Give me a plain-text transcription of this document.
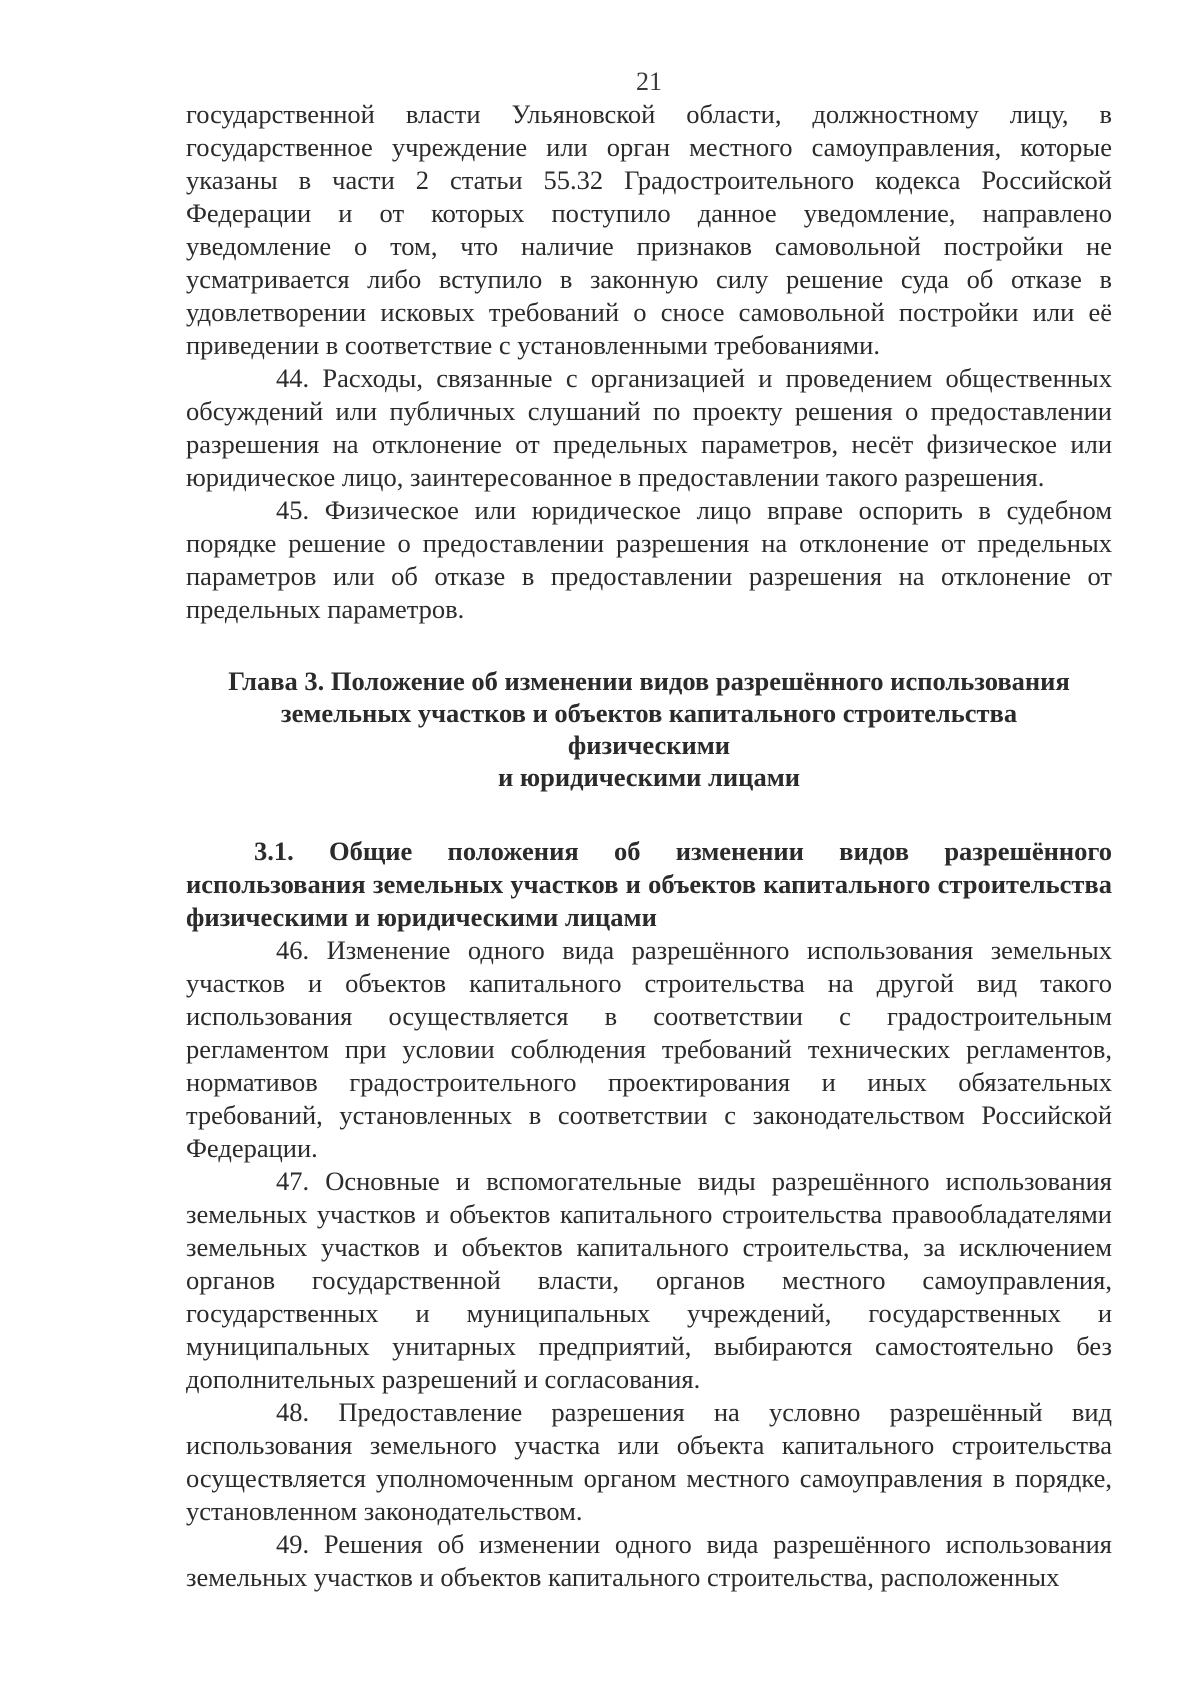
21

государственной власти Ульяновской области, должностному лицу, в государственное учреждение или орган местного самоуправления, которые указаны в части 2 статьи 55.32 Градостроительного кодекса Российской Федерации и от которых поступило данное уведомление, направлено уведомление о том, что наличие признаков самовольной постройки не усматривается либо вступило в законную силу решение суда об отказе в удовлетворении исковых требований о сносе самовольной постройки или её приведении в соответствие с установленными требованиями.

44. Расходы, связанные с организацией и проведением общественных обсуждений или публичных слушаний по проекту решения о предоставлении разрешения на отклонение от предельных параметров, несёт физическое или юридическое лицо, заинтересованное в предоставлении такого разрешения.

45. Физическое или юридическое лицо вправе оспорить в судебном порядке решение о предоставлении разрешения на отклонение от предельных параметров или об отказе в предоставлении разрешения на отклонение от предельных параметров.

Глава 3. Положение об изменении видов разрешённого использования
земельных участков и объектов капитального строительства
физическими
и юридическими лицами
3.1. Общие положения об изменении видов разрешённого использования земельных участков и объектов капитального строительства физическими и юридическими лицами

46. Изменение одного вида разрешённого использования земельных участков и объектов капитального строительства на другой вид такого использования осуществляется в соответствии с градостроительным регламентом при условии соблюдения требований технических регламентов, нормативов градостроительного проектирования и иных обязательных требований, установленных в соответствии с законодательством Российской Федерации.

47. Основные и вспомогательные виды разрешённого использования земельных участков и объектов капитального строительства правообладателями земельных участков и объектов капитального строительства, за исключением органов государственной власти, органов местного самоуправления, государственных и муниципальных учреждений, государственных и муниципальных унитарных предприятий, выбираются самостоятельно без дополнительных разрешений и согласования.

48. Предоставление разрешения на условно разрешённый вид использования земельного участка или объекта капитального строительства осуществляется уполномоченным органом местного самоуправления в порядке, установленном законодательством.

49. Решения об изменении одного вида разрешённого использования земельных участков и объектов капитального строительства, расположенных
